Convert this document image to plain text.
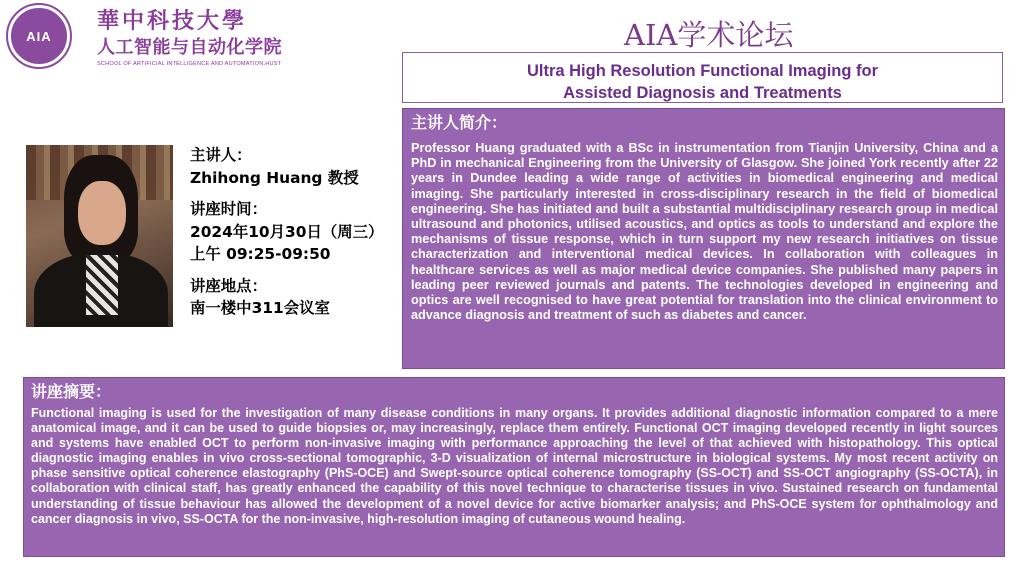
AIA
華中科技大學
人工智能与自动化学院
SCHOOL OF ARTIFICIAL INTELLIGENCE AND AUTOMATION,HUST
AIA学术论坛
Ultra High Resolution Functional Imaging for
Assisted Diagnosis and Treatments
主讲人：
Zhihong Huang 教授
讲座时间：
2024年10月30日（周三）
上午 09:25-09:50
讲座地点：
南一楼中311会议室
主讲人简介：

Professor Huang graduated with a BSc in instrumentation from Tianjin University, China and a PhD in mechanical Engineering from the University of Glasgow. She joined York recently after 22 years in Dundee leading a wide range of activities in biomedical engineering and medical imaging. She particularly interested in cross-disciplinary research in the field of biomedical engineering. She has initiated and built a substantial multidisciplinary research group in medical ultrasound and photonics, utilised acoustics, and optics as tools to understand and explore the mechanisms of tissue response, which in turn support my new research initiatives on tissue characterization and interventional medical devices. In collaboration with colleagues in healthcare services as well as major medical device companies. She published many papers in leading peer reviewed journals and patents. The technologies developed in engineering and optics are well recognised to have great potential for translation into the clinical environment to advance diagnosis and treatment of such as diabetes and cancer.

讲座摘要：

Functional imaging is used for the investigation of many disease conditions in many organs. It provides additional diagnostic information compared to a mere anatomical image, and it can be used to guide biopsies or, may increasingly, replace them entirely. Functional OCT imaging developed recently in light sources and systems have enabled OCT to perform non-invasive imaging with performance approaching the level of that achieved with histopathology. This optical diagnostic imaging enables in vivo cross-sectional tomographic, 3-D visualization of internal microstructure in biological systems. My most recent activity on phase sensitive optical coherence elastography (PhS-OCE) and Swept-source optical coherence tomography (SS-OCT) and SS-OCT angiography (SS-OCTA), in collaboration with clinical staff, has greatly enhanced the capability of this novel technique to characterise tissues in vivo. Sustained research on fundamental understanding of tissue behaviour has allowed the development of a novel device for active biomarker analysis; and PhS-OCE system for ophthalmology and cancer diagnosis in vivo, SS-OCTA for the non-invasive, high-resolution imaging of cutaneous wound healing.
